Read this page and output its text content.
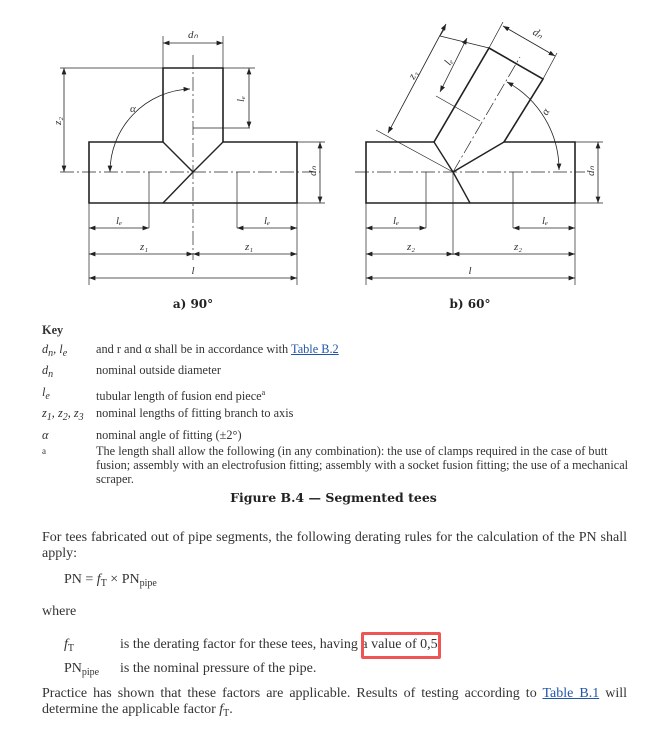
dₙ
lₑ
z₂
α
dₙ
lₑ	lₑ
z₁	z₁
l
a) 90°
dₙ
lₑ
z₃
α
dₙ
lₑ	lₑ
z₂	z₂
l
b) 60°
Key
$d_n$, $l_e$	and r and α shall be in accordance with Table B.2
$d_n$	nominal outside diameter
$l_e$	tubular length of fusion end piece$^a$
$z_1$, $z_2$, $z_3$	nominal lengths of fitting branch to axis
α	nominal angle of fitting (±2°)
a	The length shall allow the following (in any combination): the use of clamps required in the case of butt fusion; assembly with an electrofusion fitting; assembly with a socket fusion fitting; the use of a mechanical scraper.
Figure B.4 — Segmented tees
For tees fabricated out of pipe segments, the following derating rules for the calculation of the PN shall apply:
PN = $f_T \times PN_{pipe}$
where
$f_T$	is the derating factor for these tees, having a value of 0,5;
$PN_{pipe}$	is the nominal pressure of the pipe.
Practice has shown that these factors are applicable. Results of testing according to Table B.1 will determine the applicable factor $f_T$.
